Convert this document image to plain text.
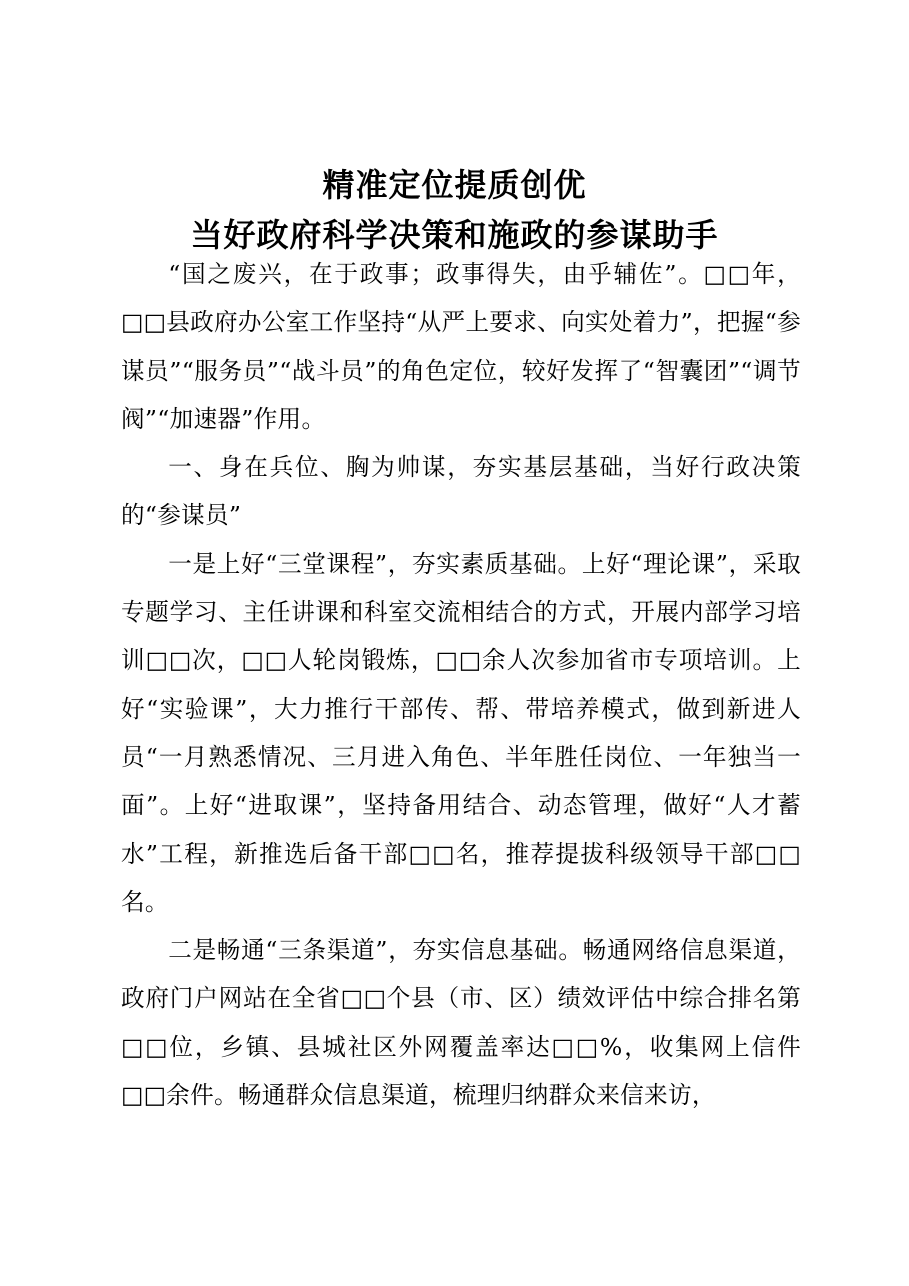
精准定位提质创优
当好政府科学决策和施政的参谋助手

“国之废兴，在于政事；政事得失，由乎辅佐”。□□年，□□县政府办公室工作坚持“从严上要求、向实处着力”，把握“参谋员”“服务员”“战斗员”的角色定位，较好发挥了“智囊团”“调节阀”“加速器”作用。

一、身在兵位、胸为帅谋，夯实基层基础，当好行政决策的“参谋员”

一是上好“三堂课程”，夯实素质基础。上好“理论课”，采取专题学习、主任讲课和科室交流相结合的方式，开展内部学习培训□□次，□□人轮岗锻炼，□□余人次参加省市专项培训。上好“实验课”，大力推行干部传、帮、带培养模式，做到新进人员“一月熟悉情况、三月进入角色、半年胜任岗位、一年独当一面”。上好“进取课”，坚持备用结合、动态管理，做好“人才蓄水”工程，新推选后备干部□□名，推荐提拔科级领导干部□□名。

二是畅通“三条渠道”，夯实信息基础。畅通网络信息渠道，政府门户网站在全省□□个县（市、区）绩效评估中综合排名第□□位，乡镇、县城社区外网覆盖率达□□%，收集网上信件□□余件。畅通群众信息渠道，梳理归纳群众来信来访，
